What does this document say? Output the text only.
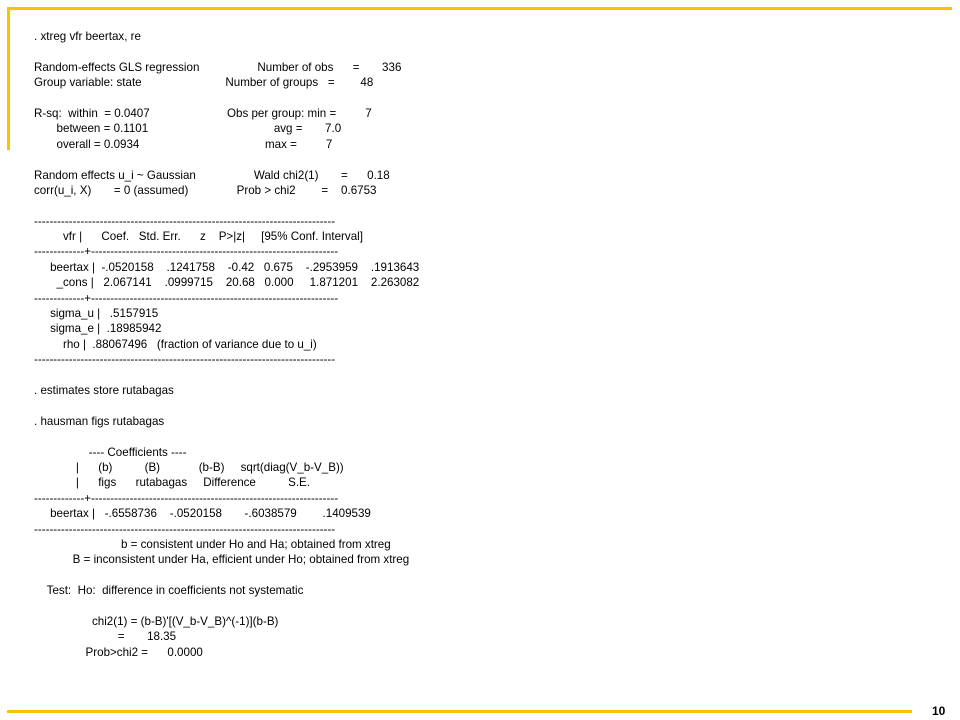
. xtreg vfr beertax, re
Random-effects GLS regression                  Number of obs      =       336
Group variable: state                          Number of groups   =        48
R-sq:  within  = 0.0407                        Obs per group: min =         7
between = 0.1101                                       avg =       7.0
overall = 0.0934                                       max =         7
Random effects u_i ~ Gaussian                  Wald chi2(1)       =      0.18
corr(u_i, X)       = 0 (assumed)               Prob > chi2        =    0.6753
------------------------------------------------------------------------------
vfr |      Coef.   Std. Err.      z    P>|z|     [95% Conf. Interval]
-------------+----------------------------------------------------------------
beertax |  -.0520158    .1241758    -0.42   0.675    -.2953959    .1913643
_cons |   2.067141    .0999715    20.68   0.000     1.871201    2.263082
-------------+----------------------------------------------------------------
sigma_u |   .5157915
sigma_e |  .18985942
rho |  .88067496   (fraction of variance due to u_i)
------------------------------------------------------------------------------
. estimates store rutabagas
. hausman figs rutabagas
---- Coefficients ----
|      (b)          (B)            (b-B)     sqrt(diag(V_b-V_B))
|      figs      rutabagas     Difference          S.E.
-------------+----------------------------------------------------------------
beertax |   -.6558736    -.0520158       -.6038579        .1409539
------------------------------------------------------------------------------
b = consistent under Ho and Ha; obtained from xtreg
B = inconsistent under Ha, efficient under Ho; obtained from xtreg
Test:  Ho:  difference in coefficients not systematic
chi2(1) = (b-B)'[(V_b-V_B)^(-1)](b-B)
=       18.35
Prob>chi2 =      0.0000
10
